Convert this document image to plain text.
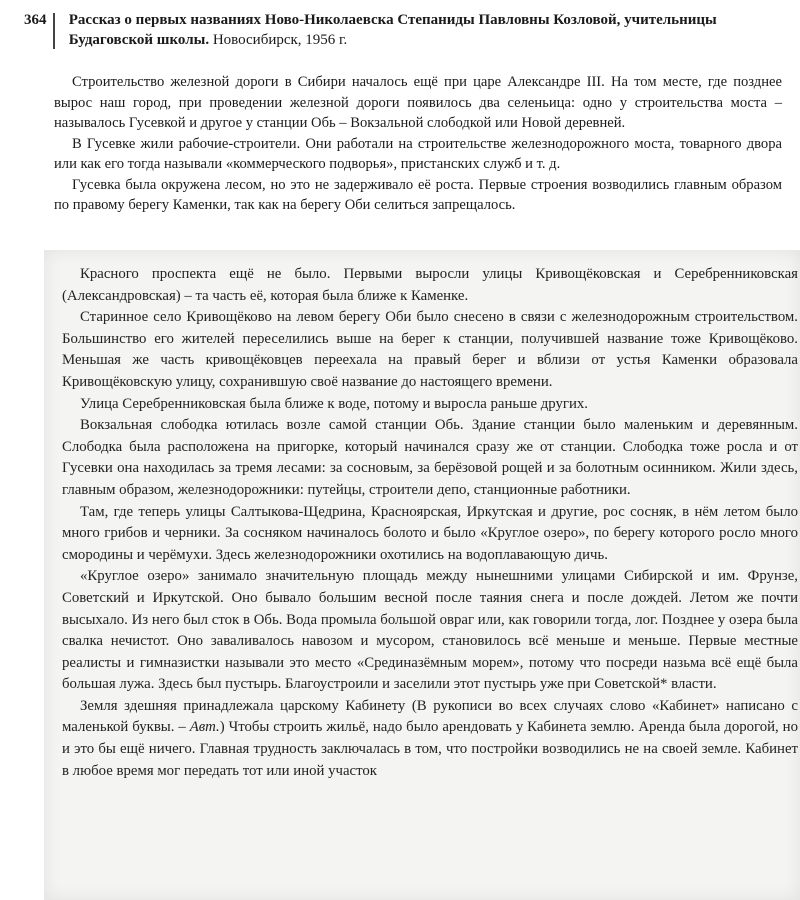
364	Рассказ о первых названиях Ново-Николаевска Степаниды Павловны Козловой, учительницы Будаговской школы. Новосибирск, 1956 г.

Строительство железной дороги в Сибири началось ещё при царе Александре III. На том месте, где позднее вырос наш город, при проведении железной дороги появилось два селеньица: одно у строительства моста – называлось Гусевкой и другое у станции Обь – Вокзальной слободкой или Новой деревней.

В Гусевке жили рабочие-строители. Они работали на строительстве железнодорожного моста, товарного двора или как его тогда называли «коммерческого подворья», пристанских служб и т. д.

Гусевка была окружена лесом, но это не задерживало её роста. Первые строения возводились главным образом по правому берегу Каменки, так как на берегу Оби селиться запрещалось.

Красного проспекта ещё не было. Первыми выросли улицы Кривощёковская и Серебренниковская (Александровская) – та часть её, которая была ближе к Каменке.

Старинное село Кривощёково на левом берегу Оби было снесено в связи с железнодорожным строительством. Большинство его жителей переселились выше на берег к станции, получившей название тоже Кривощёково. Меньшая же часть кривощёковцев переехала на правый берег и вблизи от устья Каменки образовала Кривощёковскую улицу, сохранившую своё название до настоящего времени.

Улица Серебренниковская была ближе к воде, потому и выросла раньше других.

Вокзальная слободка ютилась возле самой станции Обь. Здание станции было маленьким и деревянным. Слободка была расположена на пригорке, который начинался сразу же от станции. Слободка тоже росла и от Гусевки она находилась за тремя лесами: за сосновым, за берёзовой рощей и за болотным осинником. Жили здесь, главным образом, железнодорожники: путейцы, строители депо, станционные работники.

Там, где теперь улицы Салтыкова-Щедрина, Красноярская, Иркутская и другие, рос сосняк, в нём летом было много грибов и черники. За сосняком начиналось болото и было «Круглое озеро», по берегу которого росло много смородины и черёмухи. Здесь железнодорожники охотились на водоплавающую дичь.

«Круглое озеро» занимало значительную площадь между нынешними улицами Сибирской и им. Фрунзе, Советский и Иркутской. Оно бывало большим весной после таяния снега и после дождей. Летом же почти высыхало. Из него был сток в Обь. Вода промыла большой овраг или, как говорили тогда, лог. Позднее у озера была свалка нечистот. Оно заваливалось навозом и мусором, становилось всё меньше и меньше. Первые местные реалисты и гимназистки называли это место «Срединазёмным морем», потому что посреди назьма всё ещё была большая лужа. Здесь был пустырь. Благоустроили и заселили этот пустырь уже при Советской* власти.

Земля здешняя принадлежала царскому Кабинету (В рукописи во всех случаях слово «Кабинет» написано с маленькой буквы. – Авт.) Чтобы строить жильё, надо было арендовать у Кабинета землю. Аренда была дорогой, но и это бы ещё ничего. Главная трудность заключалась в том, что постройки возводились не на своей земле. Кабинет в любое время мог передать тот или иной участок
